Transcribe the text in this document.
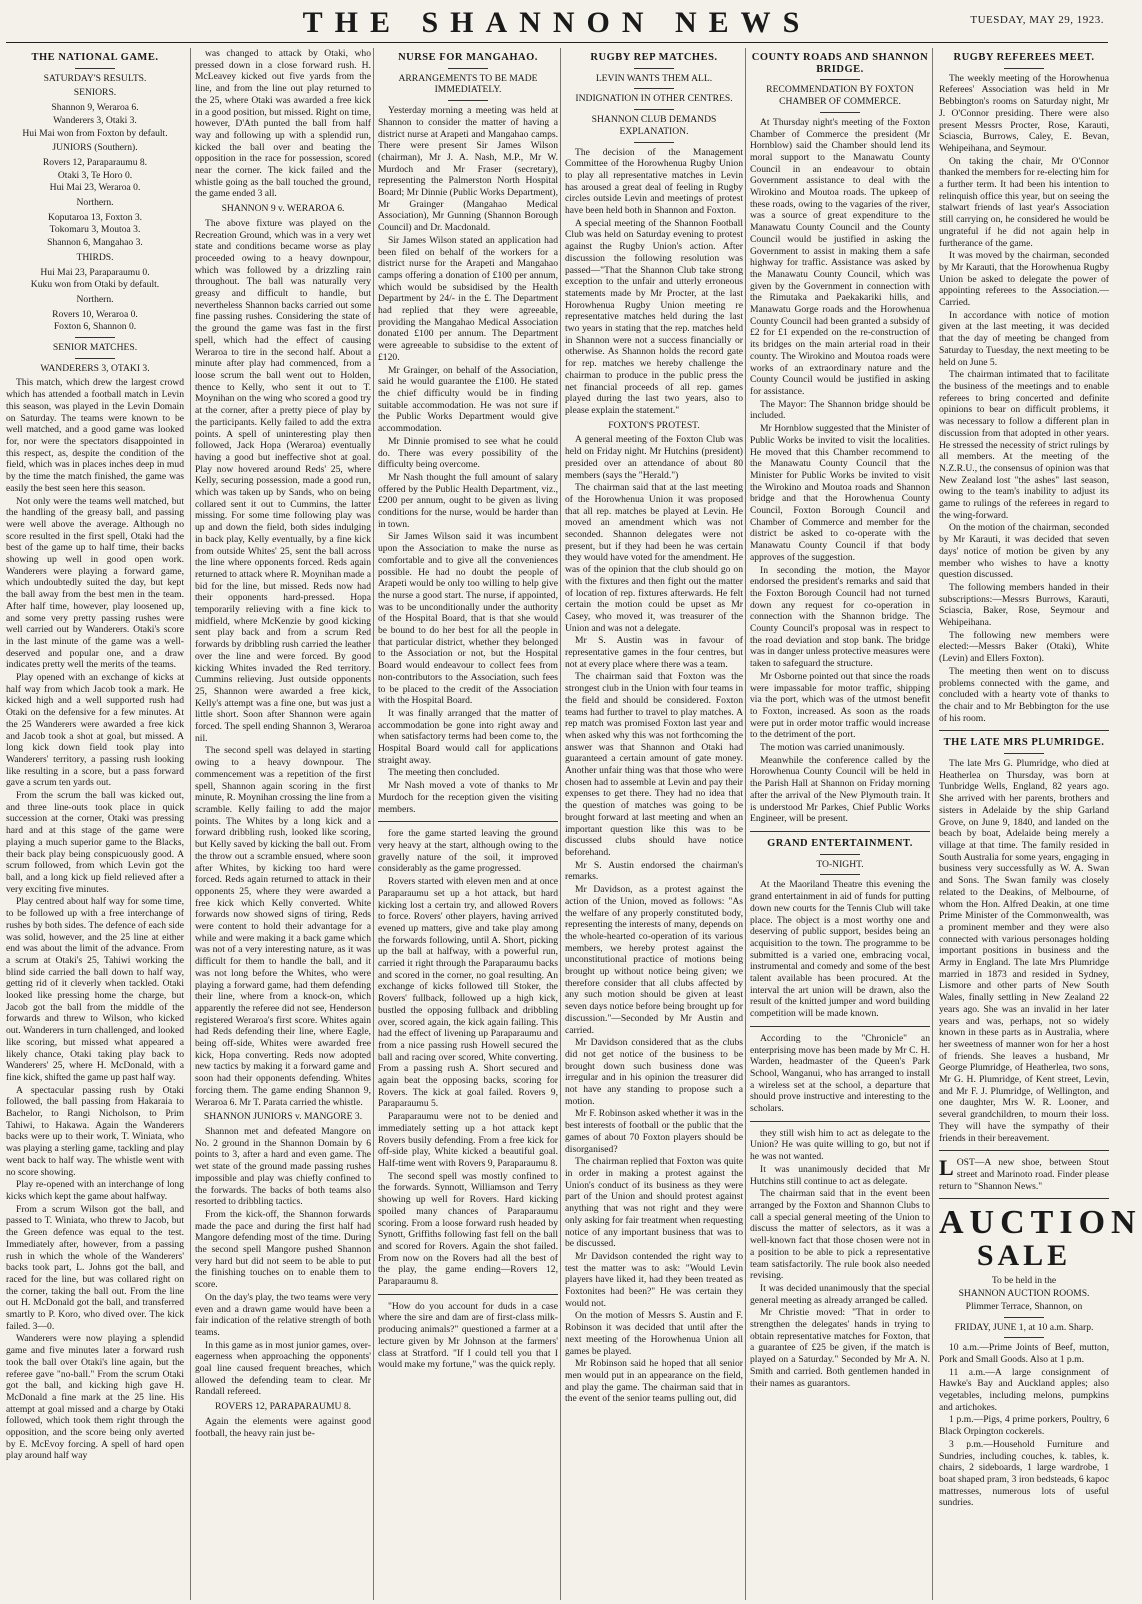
THE SHANNON NEWS	TUESDAY, MAY 29, 1923.
THE NATIONAL GAME.
SATURDAY'S RESULTS.
SENIORS.

Shannon 9, Weraroa 6.

Wanderers 3, Otaki 3.

Hui Mai won from Foxton by default.

JUNIORS (Southern).

Rovers 12, Paraparaumu 8.

Otaki 3, Te Horo 0.

Hui Mai 23, Weraroa 0.

Northern.

Koputaroa 13, Foxton 3.

Tokomaru 3, Moutoa 3.

Shannon 6, Mangahao 3.

THIRDS.

Hui Mai 23, Paraparaumu 0.

Kuku won from Otaki by default.

Northern.

Rovers 10, Weraroa 0.

Foxton 6, Shannon 0.

SENIOR MATCHES.
WANDERERS 3, OTAKI 3.

This match, which drew the largest crowd which has attended a football match in Levin this season, was played in the Levin Domain on Saturday. The teams were known to be well matched, and a good game was looked for, nor were the spectators disappointed in this respect, as, despite the condition of the field, which was in places inches deep in mud by the time the match finished, the game was easily the best seen here this season.

Not only were the teams well matched, but the handling of the greasy ball, and passing were well above the average. Although no score resulted in the first spell, Otaki had the best of the game up to half time, their backs showing up well in good open work. Wanderers were playing a forward game, which undoubtedly suited the day, but kept the ball away from the best men in the team. After half time, however, play loosened up, and some very pretty passing rushes were well carried out by Wanderers. Otaki's score in the last minute of the game was a well-deserved and popular one, and a draw indicates pretty well the merits of the teams.

Play opened with an exchange of kicks at half way from which Jacob took a mark. He kicked high and a well supported rush had Otaki on the defensive for a few minutes. At the 25 Wanderers were awarded a free kick and Jacob took a shot at goal, but missed. A long kick down field took play into Wanderers' territory, a passing rush looking like resulting in a score, but a pass forward gave a scrum ten yards out.

From the scrum the ball was kicked out, and three line-outs took place in quick succession at the corner, Otaki was pressing hard and at this stage of the game were playing a much superior game to the Blacks, their back play being conspicuously good. A scrum followed, from which Levin got the ball, and a long kick up field relieved after a very exciting five minutes.

Play centred about half way for some time, to be followed up with a free interchange of rushes by both sides. The defence of each side was solid, however, and the 25 line at either end was about the limit of the advance. From a scrum at Otaki's 25, Tahiwi working the blind side carried the ball down to half way, getting rid of it cleverly when tackled. Otaki looked like pressing home the charge, but Jacob got the ball from the middle of the forwards and threw to Wilson, who kicked out. Wanderers in turn challenged, and looked like scoring, but missed what appeared a likely chance, Otaki taking play back to Wanderers' 25, where H. McDonald, with a fine kick, shifted the game up past half way.

A spectacular passing rush by Otaki followed, the ball passing from Hakaraia to Bachelor, to Rangi Nicholson, to Prim Tahiwi, to Hakawa. Again the Wanderers backs were up to their work, T. Winiata, who was playing a sterling game, tackling and play went back to half way. The whistle went with no score showing.

Play re-opened with an interchange of long kicks which kept the game about halfway.

From a scrum Wilson got the ball, and passed to T. Winiata, who threw to Jacob, but the Green defence was equal to the test. Immediately after, however, from a passing rush in which the whole of the Wanderers' backs took part, L. Johns got the ball, and raced for the line, but was collared right on the corner, taking the ball out. From the line out H. McDonald got the ball, and transferred smartly to P. Koro, who dived over. The kick failed. 3—0.

Wanderers were now playing a splendid game and five minutes later a forward rush took the ball over Otaki's line again, but the referee gave "no-ball." From the scrum Otaki got the ball, and kicking high gave H. McDonald a fine mark at the 25 line. His attempt at goal missed and a charge by Otaki followed, which took them right through the opposition, and the score being only averted by E. McEvoy forcing. A spell of hard open play around half way

was changed to attack by Otaki, who pressed down in a close forward rush. H. McLeavey kicked out five yards from the line, and from the line out play returned to the 25, where Otaki was awarded a free kick in a good position, but missed. Right on time, however, D'Ath punted the ball from half way and following up with a splendid run, kicked the ball over and beating the opposition in the race for possession, scored near the corner. The kick failed and the whistle going as the ball touched the ground, the game ended 3 all.

SHANNON 9 v. WERAROA 6.

The above fixture was played on the Recreation Ground, which was in a very wet state and conditions became worse as play proceeded owing to a heavy downpour, which was followed by a drizzling rain throughout. The ball was naturally very greasy and difficult to handle, but nevertheless Shannon backs carried out some fine passing rushes. Considering the state of the ground the game was fast in the first spell, which had the effect of causing Weraroa to tire in the second half. About a minute after play had commenced, from a loose scrum the ball went out to Holden, thence to Kelly, who sent it out to T. Moynihan on the wing who scored a good try at the corner, after a pretty piece of play by the participants. Kelly failed to add the extra points. A spell of uninteresting play then followed, Jack Hopa (Weraroa) eventually having a good but ineffective shot at goal. Play now hovered around Reds' 25, where Kelly, securing possession, made a good run, which was taken up by Sands, who on being collared sent it out to Cummins, the latter missing. For some time following play was up and down the field, both sides indulging in back play, Kelly eventually, by a fine kick from outside Whites' 25, sent the ball across the line where opponents forced. Reds again returned to attack where R. Moynihan made a bid for the line, but missed. Reds now had their opponents hard-pressed. Hopa temporarily relieving with a fine kick to midfield, where McKenzie by good kicking sent play back and from a scrum Red forwards by dribbling rush carried the leather over the line and were forced. By good kicking Whites invaded the Red territory. Cummins relieving. Just outside opponents 25, Shannon were awarded a free kick, Kelly's attempt was a fine one, but was just a little short. Soon after Shannon were again forced. The spell ending Shannon 3, Weraroa nil.

The second spell was delayed in starting owing to a heavy downpour. The commencement was a repetition of the first spell, Shannon again scoring in the first minute, R. Moynihan crossing the line from a scramble. Kelly failing to add the major points. The Whites by a long kick and a forward dribbling rush, looked like scoring, but Kelly saved by kicking the ball out. From the throw out a scramble ensued, where soon after Whites, by kicking too hard were forced. Reds again returned to attack in their opponents 25, where they were awarded a free kick which Kelly converted. White forwards now showed signs of tiring, Reds were content to hold their advantage for a while and were making it a back game which was not of a very interesting nature, as it was difficult for them to handle the ball, and it was not long before the Whites, who were playing a forward game, had them defending their line, where from a knock-on, which apparently the referee did not see, Henderson registered Weraroa's first score. Whites again had Reds defending their line, where Eagle, being off-side, Whites were awarded free kick, Hopa converting. Reds now adopted new tactics by making it a forward game and soon had their opponents defending. Whites forcing them. The game ending Shannon 9, Weraroa 6. Mr T. Parata carried the whistle.

SHANNON JUNIORS v. MANGORE 3.

Shannon met and defeated Mangore on No. 2 ground in the Shannon Domain by 6 points to 3, after a hard and even game. The wet state of the ground made passing rushes impossible and play was chiefly confined to the forwards. The backs of both teams also resorted to dribbling tactics.

From the kick-off, the Shannon forwards made the pace and during the first half had Mangore defending most of the time. During the second spell Mangore pushed Shannon very hard but did not seem to be able to put the finishing touches on to enable them to score.

On the day's play, the two teams were very even and a drawn game would have been a fair indication of the relative strength of both teams.

In this game as in most junior games, over-eagerness when approaching the opponents' goal line caused frequent breaches, which allowed the defending team to clear. Mr Randall refereed.

ROVERS 12, PARAPARAUMU 8.

Again the elements were against good football, the heavy rain just be-

NURSE FOR MANGAHAO.
ARRANGEMENTS TO BE MADE IMMEDIATELY.

Yesterday morning a meeting was held at Shannon to consider the matter of having a district nurse at Arapeti and Mangahao camps. There were present Sir James Wilson (chairman), Mr J. A. Nash, M.P., Mr W. Murdoch and Mr Fraser (secretary), representing the Palmerston North Hospital Board; Mr Dinnie (Public Works Department), Mr Grainger (Mangahao Medical Association), Mr Gunning (Shannon Borough Council) and Dr. Macdonald.

Sir James Wilson stated an application had been filed on behalf of the workers for a district nurse for the Arapeti and Mangahao camps offering a donation of £100 per annum, which would be subsidised by the Health Department by 24/- in the £. The Department had replied that they were agreeable, providing the Mangahao Medical Association donated £100 per annum. The Department were agreeable to subsidise to the extent of £120.

Mr Grainger, on behalf of the Association, said he would guarantee the £100. He stated the chief difficulty would be in finding suitable accommodation. He was not sure if the Public Works Department would give accommodation.

Mr Dinnie promised to see what he could do. There was every possibility of the difficulty being overcome.

Mr Nash thought the full amount of salary offered by the Public Health Department, viz., £200 per annum, ought to be given as living conditions for the nurse, would be harder than in town.

Sir James Wilson said it was incumbent upon the Association to make the nurse as comfortable and to give all the conveniences possible. He had no doubt the people of Arapeti would be only too willing to help give the nurse a good start. The nurse, if appointed, was to be unconditionally under the authority of the Hospital Board, that is that she would be bound to do her best for all the people in that particular district, whether they belonged to the Association or not, but the Hospital Board would endeavour to collect fees from non-contributors to the Association, such fees to be placed to the credit of the Association with the Hospital Board.

It was finally arranged that the matter of accommodation be gone into right away and when satisfactory terms had been come to, the Hospital Board would call for applications straight away.

The meeting then concluded.

Mr Nash moved a vote of thanks to Mr Murdoch for the reception given the visiting members.

fore the game started leaving the ground very heavy at the start, although owing to the gravelly nature of the soil, it improved considerably as the game progressed.

Rovers started with eleven men and at once Paraparaumu set up a hot attack, but hard kicking lost a certain try, and allowed Rovers to force. Rovers' other players, having arrived evened up matters, give and take play among the forwards following, until A. Short, picking up the ball at halfway, with a powerful run, carried it right through the Paraparaumu backs and scored in the corner, no goal resulting. An exchange of kicks followed till Stoker, the Rovers' fullback, followed up a high kick, bustled the opposing fullback and dribbling over, scored again, the kick again failing. This had the effect of livening up Paraparaumu and from a nice passing rush Howell secured the ball and racing over scored, White converting. From a passing rush A. Short secured and again beat the opposing backs, scoring for Rovers. The kick at goal failed. Rovers 9, Paraparaumu 5.

Paraparaumu were not to be denied and immediately setting up a hot attack kept Rovers busily defending. From a free kick for off-side play, White kicked a beautiful goal. Half-time went with Rovers 9, Paraparaumu 8.

The second spell was mostly confined to the forwards. Synnott, Williamson and Terry showing up well for Rovers. Hard kicking spoiled many chances of Paraparaumu scoring. From a loose forward rush headed by Synott, Griffiths following fast fell on the ball and scored for Rovers. Again the shot failed. From now on the Rovers had all the best of the play, the game ending—Rovers 12, Paraparaumu 8.

"How do you account for duds in a case where the sire and dam are of first-class milk-producing animals?" questioned a farmer at a lecture given by Mr Johnson at the farmers' class at Stratford. "If I could tell you that I would make my fortune," was the quick reply.

RUGBY REP MATCHES.
LEVIN WANTS THEM ALL.
INDIGNATION IN OTHER CENTRES.
SHANNON CLUB DEMANDS EXPLANATION.

The decision of the Management Committee of the Horowhenua Rugby Union to play all representative matches in Levin has aroused a great deal of feeling in Rugby circles outside Levin and meetings of protest have been held both in Shannon and Foxton.

A special meeting of the Shannon Football Club was held on Saturday evening to protest against the Rugby Union's action. After discussion the following resolution was passed—"That the Shannon Club take strong exception to the unfair and utterly erroneous statements made by Mr Procter, at the last Horowhenua Rugby Union meeting re representative matches held during the last two years in stating that the rep. matches held in Shannon were not a success financially or otherwise. As Shannon holds the record gate for rep. matches we hereby challenge the chairman to produce in the public press the net financial proceeds of all rep. games played during the last two years, also to please explain the statement."

FOXTON'S PROTEST.

A general meeting of the Foxton Club was held on Friday night. Mr Hutchins (president) presided over an attendance of about 80 members (says the "Herald.")

The chairman said that at the last meeting of the Horowhenua Union it was proposed that all rep. matches be played at Levin. He moved an amendment which was not seconded. Shannon delegates were not present, but if they had been he was certain they would have voted for the amendment. He was of the opinion that the club should go on with the fixtures and then fight out the matter of location of rep. fixtures afterwards. He felt certain the motion could be upset as Mr Casey, who moved it, was treasurer of the Union and was not a delegate.

Mr S. Austin was in favour of representative games in the four centres, but not at every place where there was a team.

The chairman said that Foxton was the strongest club in the Union with four teams in the field and should be considered. Foxton teams had further to travel to play matches. A rep match was promised Foxton last year and when asked why this was not forthcoming the answer was that Shannon and Otaki had guaranteed a certain amount of gate money. Another unfair thing was that those who were chosen had to assemble at Levin and pay their expenses to get there. They had no idea that the question of matches was going to be brought forward at last meeting and when an important question like this was to be discussed clubs should have notice beforehand.

Mr S. Austin endorsed the chairman's remarks.

Mr Davidson, as a protest against the action of the Union, moved as follows: "As the welfare of any properly constituted body, representing the interests of many, depends on the whole-hearted co-operation of its various members, we hereby protest against the unconstitutional practice of motions being brought up without notice being given; we therefore consider that all clubs affected by any such motion should be given at least seven days notice before being brought up for discussion."—Seconded by Mr Austin and carried.

Mr Davidson considered that as the clubs did not get notice of the business to be brought down such business done was irregular and in his opinion the treasurer did not have any standing to propose such a motion.

Mr F. Robinson asked whether it was in the best interests of football or the public that the games of about 70 Foxton players should be disorganised?

The chairman replied that Foxton was quite in order in making a protest against the Union's conduct of its business as they were part of the Union and should protest against anything that was not right and they were only asking for fair treatment when requesting notice of any important business that was to be discussed.

Mr Davidson contended the right way to test the matter was to ask: "Would Levin players have liked it, had they been treated as Foxtonites had been?" He was certain they would not.

On the motion of Messrs S. Austin and F. Robinson it was decided that until after the next meeting of the Horowhenua Union all games be played.

Mr Robinson said he hoped that all senior men would put in an appearance on the field, and play the game. The chairman said that in the event of the senior teams pulling out, did

COUNTY ROADS AND SHANNON BRIDGE.
RECOMMENDATION BY FOXTON CHAMBER OF COMMERCE.

At Thursday night's meeting of the Foxton Chamber of Commerce the president (Mr Hornblow) said the Chamber should lend its moral support to the Manawatu County Council in an endeavour to obtain Government assistance to deal with the Wirokino and Moutoa roads. The upkeep of these roads, owing to the vagaries of the river, was a source of great expenditure to the Manawatu County Council and the County Council would be justified in asking the Government to assist in making them a safe highway for traffic. Assistance was asked by the Manawatu County Council, which was given by the Government in connection with the Rimutaka and Paekakariki hills, and Manawatu Gorge roads and the Horowhenua County Council had been granted a subsidy of £2 for £1 expended on the re-construction of its bridges on the main arterial road in their county. The Wirokino and Moutoa roads were works of an extraordinary nature and the County Council would be justified in asking for assistance.

The Mayor: The Shannon bridge should be included.

Mr Hornblow suggested that the Minister of Public Works be invited to visit the localities. He moved that this Chamber recommend to the Manawatu County Council that the Minister for Public Works be invited to visit the Wirokino and Moutoa roads and Shannon bridge and that the Horowhenua County Council, Foxton Borough Council and Chamber of Commerce and member for the district be asked to co-operate with the Manawatu County Council if that body approves of the suggestion.

In seconding the motion, the Mayor endorsed the president's remarks and said that the Foxton Borough Council had not turned down any request for co-operation in connection with the Shannon bridge. The County Council's proposal was in respect to the road deviation and stop bank. The bridge was in danger unless protective measures were taken to safeguard the structure.

Mr Osborne pointed out that since the roads were impassable for motor traffic, shipping via the port, which was of the utmost benefit to Foxton, increased. As soon as the roads were put in order motor traffic would increase to the detriment of the port.

The motion was carried unanimously.

Meanwhile the conference called by the Horowhenua County Council will be held in the Parish Hall at Shannon on Friday morning after the arrival of the New Plymouth train. It is understood Mr Parkes, Chief Public Works Engineer, will be present.

GRAND ENTERTAINMENT.
TO-NIGHT.

At the Maoriland Theatre this evening the grand entertainment in aid of funds for putting down new courts for the Tennis Club will take place. The object is a most worthy one and deserving of public support, besides being an acquisition to the town. The programme to be submitted is a varied one, embracing vocal, instrumental and comedy and some of the best talent available has been procured. At the interval the art union will be drawn, also the result of the knitted jumper and word building competition will be made known.

According to the "Chronicle" an enterprising move has been made by Mr C. H. Warden, headmaster of the Queen's Park School, Wanganui, who has arranged to install a wireless set at the school, a departure that should prove instructive and interesting to the scholars.

they still wish him to act as delegate to the Union? He was quite willing to go, but not if he was not wanted.

It was unanimously decided that Mr Hutchins still continue to act as delegate.

The chairman said that in the event been arranged by the Foxton and Shannon Clubs to call a special general meeting of the Union to discuss the matter of selectors, as it was a well-known fact that those chosen were not in a position to be able to pick a representative team satisfactorily. The rule book also needed revising.

It was decided unanimously that the special general meeting as already arranged be called.

Mr Christie moved: "That in order to strengthen the delegates' hands in trying to obtain representative matches for Foxton, that a guarantee of £25 be given, if the match is played on a Saturday." Seconded by Mr A. N. Smith and carried. Both gentlemen handed in their names as guarantors.

RUGBY REFEREES MEET.

The weekly meeting of the Horowhenua Referees' Association was held in Mr Bebbington's rooms on Saturday night, Mr J. O'Connor presiding. There were also present Messrs Procter, Rose, Karauti, Sciascia, Burrows, Caley, E. Bevan, Wehipeihana, and Seymour.

On taking the chair, Mr O'Connor thanked the members for re-electing him for a further term. It had been his intention to relinquish office this year, but on seeing the stalwart friends of last year's Association still carrying on, he considered he would be ungrateful if he did not again help in furtherance of the game.

It was moved by the chairman, seconded by Mr Karauti, that the Horowhenua Rugby Union be asked to delegate the power of appointing referees to the Association.—Carried.

In accordance with notice of motion given at the last meeting, it was decided that the day of meeting be changed from Saturday to Tuesday, the next meeting to be held on June 5.

The chairman intimated that to facilitate the business of the meetings and to enable referees to bring concerted and definite opinions to bear on difficult problems, it was necessary to follow a different plan in discussion from that adopted in other years. He stressed the necessity of strict rulings by all members. At the meeting of the N.Z.R.U., the consensus of opinion was that New Zealand lost "the ashes" last season, owing to the team's inability to adjust its game to rulings of the referees in regard to the wing-forward.

On the motion of the chairman, seconded by Mr Karauti, it was decided that seven days' notice of motion be given by any member who wishes to have a knotty question discussed.

The following members handed in their subscriptions:—Messrs Burrows, Karauti, Sciascia, Baker, Rose, Seymour and Wehipeihana.

The following new members were elected:—Messrs Baker (Otaki), White (Levin) and Ellers Foxton).

The meeting then went on to discuss problems connected with the game, and concluded with a hearty vote of thanks to the chair and to Mr Bebbington for the use of his room.

THE LATE MRS PLUMRIDGE.

The late Mrs G. Plumridge, who died at Heatherlea on Thursday, was born at Tunbridge Wells, England, 82 years ago. She arrived with her parents, brothers and sisters in Adelaide by the ship Garland Grove, on June 9, 1840, and landed on the beach by boat, Adelaide being merely a village at that time. The family resided in South Australia for some years, engaging in business very successfully as W. A. Swan and Sons. The Swan family was closely related to the Deakins, of Melbourne, of whom the Hon. Alfred Deakin, at one time Prime Minister of the Commonwealth, was a prominent member and they were also connected with various personages holding important positions in business and the Army in England. The late Mrs Plumridge married in 1873 and resided in Sydney, Lismore and other parts of New South Wales, finally settling in New Zealand 22 years ago. She was an invalid in her later years and was, perhaps, not so widely known in these parts as in Australia, where her sweetness of manner won for her a host of friends. She leaves a husband, Mr George Plumridge, of Heatherlea, two sons, Mr G. H. Plumridge, of Kent street, Levin, and Mr F. J. Plumridge, of Wellington, and one daughter, Mrs W. R. Looner, and several grandchildren, to mourn their loss. They will have the sympathy of their friends in their bereavement.

L OST—A new shoe, between Stout street and Marinoto road. Finder please return to "Shannon News."
AUCTION
SALE

To be held in the

SHANNON AUCTION ROOMS.

Plimmer Terrace, Shannon, on

FRIDAY, JUNE 1, at 10 a.m. Sharp.

10 a.m.—Prime Joints of Beef, mutton, Pork and Small Goods. Also at 1 p.m.

11 a.m.—A large consignment of Hawke's Bay and Auckland apples; also vegetables, including melons, pumpkins and artichokes.

1 p.m.—Pigs, 4 prime porkers, Poultry, 6 Black Orpington cockerels.

3 p.m.—Household Furniture and Sundries, including couches, k. tables, k. chairs, 2 sideboards, 1 large wardrobe, 1 boat shaped pram, 3 iron bedsteads, 6 kapoc mattresses, numerous lots of useful sundries.
